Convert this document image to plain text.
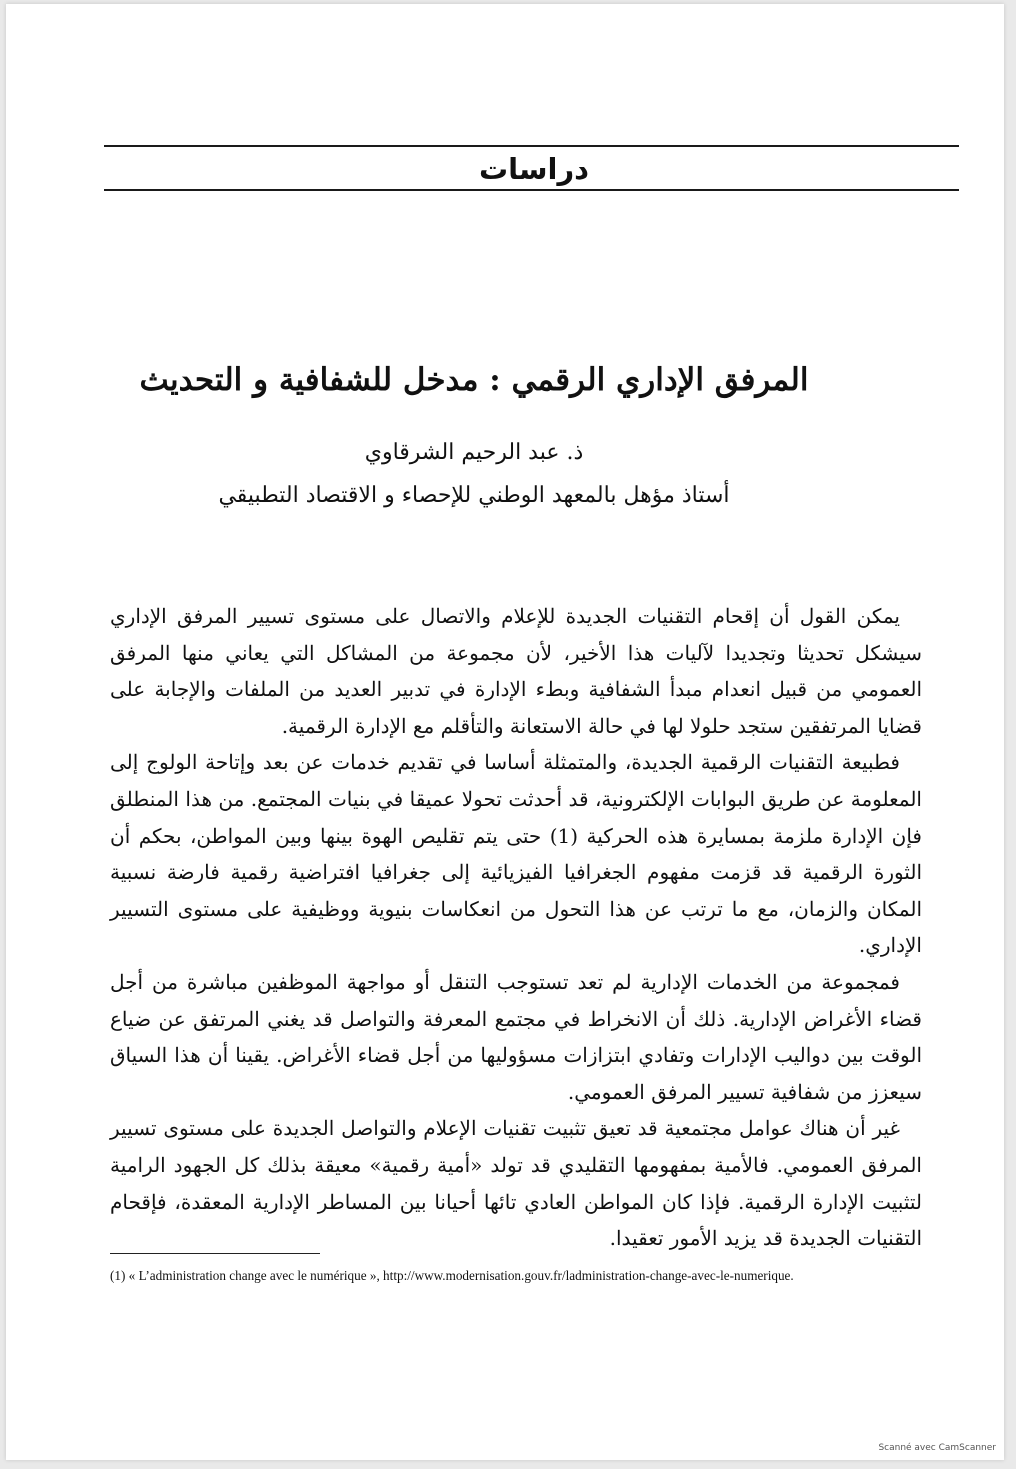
دراسات
المرفق الإداري الرقمي : مدخل للشفافية و التحديث
ذ. عبد الرحيم الشرقاوي
أستاذ مؤهل بالمعهد الوطني للإحصاء و الاقتصاد التطبيقي

يمكن القول أن إقحام التقنيات الجديدة للإعلام والاتصال على مستوى تسيير المرفق الإداري سيشكل تحديثا وتجديدا لآليات هذا الأخير، لأن مجموعة من المشاكل التي يعاني منها المرفق العمومي من قبيل انعدام مبدأ الشفافية وبطء الإدارة في تدبير العديد من الملفات والإجابة على قضايا المرتفقين ستجد حلولا لها في حالة الاستعانة والتأقلم مع الإدارة الرقمية.

فطبيعة التقنيات الرقمية الجديدة، والمتمثلة أساسا في تقديم خدمات عن بعد وإتاحة الولوج إلى المعلومة عن طريق البوابات الإلكترونية، قد أحدثت تحولا عميقا في بنيات المجتمع. من هذا المنطلق فإن الإدارة ملزمة بمسايرة هذه الحركية (1) حتى يتم تقليص الهوة بينها وبين المواطن، بحكم أن الثورة الرقمية قد قزمت مفهوم الجغرافيا الفيزيائية إلى جغرافيا افتراضية رقمية فارضة نسبية المكان والزمان، مع ما ترتب عن هذا التحول من انعكاسات بنيوية ووظيفية على مستوى التسيير الإداري.

فمجموعة من الخدمات الإدارية لم تعد تستوجب التنقل أو مواجهة الموظفين مباشرة من أجل قضاء الأغراض الإدارية. ذلك أن الانخراط في مجتمع المعرفة والتواصل قد يغني المرتفق عن ضياع الوقت بين دواليب الإدارات وتفادي ابتزازات مسؤوليها من أجل قضاء الأغراض. يقينا أن هذا السياق سيعزز من شفافية تسيير المرفق العمومي.

غير أن هناك عوامل مجتمعية قد تعيق تثبيت تقنيات الإعلام والتواصل الجديدة على مستوى تسيير المرفق العمومي. فالأمية بمفهومها التقليدي قد تولد «أمية رقمية» معيقة بذلك كل الجهود الرامية لتثبيت الإدارة الرقمية. فإذا كان المواطن العادي تائها أحيانا بين المساطر الإدارية المعقدة، فإقحام التقنيات الجديدة قد يزيد الأمور تعقيدا.

(1) « L’administration change avec le numérique », http://www.modernisation.gouv.fr/ladministration-change-avec-le-numerique.
Scanné avec CamScanner
